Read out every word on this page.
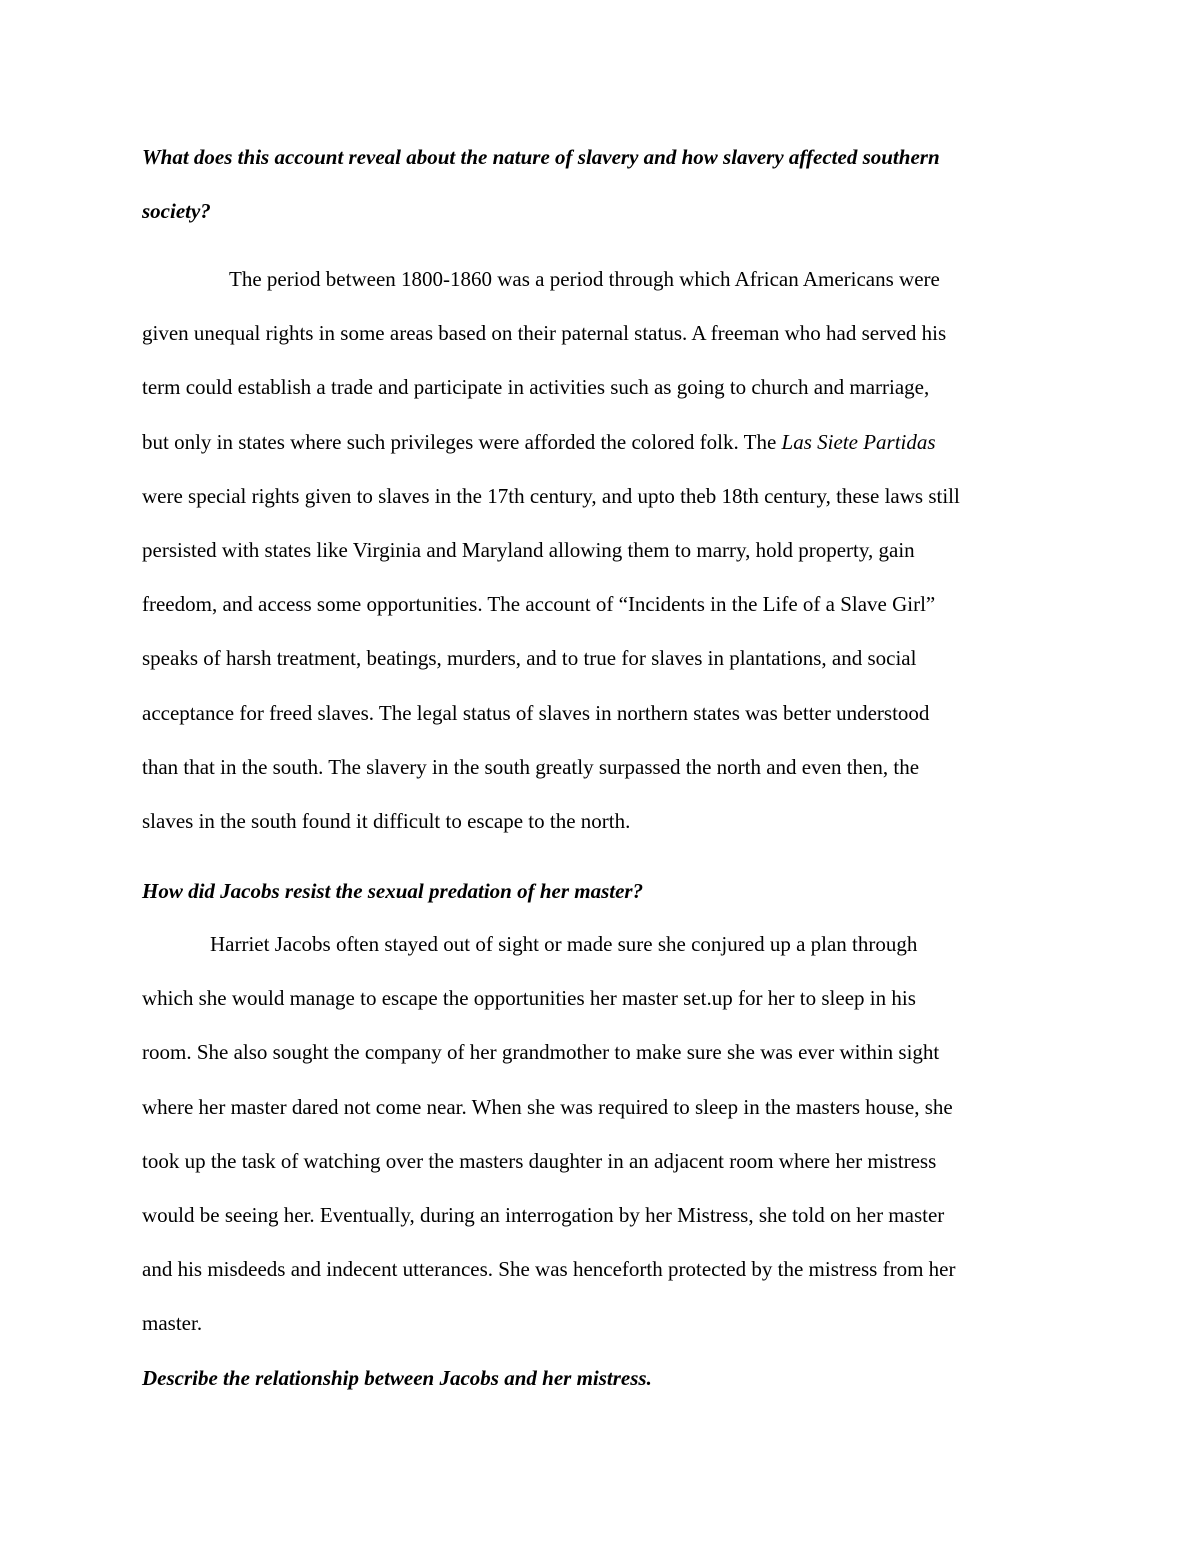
What does this account reveal about the nature of slavery and how slavery affected southern
society?
The period between 1800-1860 was a period through which African Americans were
given unequal rights in some areas based on their paternal status. A freeman who had served his
term could establish a trade and participate in activities such as going to church and marriage,
but only in states where such privileges were afforded the colored folk. The Las Siete Partidas
were special rights given to slaves in the 17th century, and upto theb 18th century, these laws still
persisted with states like Virginia and Maryland allowing them to marry, hold property, gain
freedom, and access some opportunities. The account of “Incidents in the Life of a Slave Girl”
speaks of harsh treatment, beatings, murders, and to true for slaves in plantations, and social
acceptance for freed slaves. The legal status of slaves in northern states was better understood
than that in the south. The slavery in the south greatly surpassed the north and even then, the
slaves in the south found it difficult to escape to the north.
How did Jacobs resist the sexual predation of her master?
Harriet Jacobs often stayed out of sight or made sure she conjured up a plan through
which she would manage to escape the opportunities her master set.up for her to sleep in his
room. She also sought the company of her grandmother to make sure she was ever within sight
where her master dared not come near. When she was required to sleep in the masters house, she
took up the task of watching over the masters daughter in an adjacent room where her mistress
would be seeing her. Eventually, during an interrogation by her Mistress, she told on her master
and his misdeeds and indecent utterances. She was henceforth protected by the mistress from her
master.
Describe the relationship between Jacobs and her mistress.
